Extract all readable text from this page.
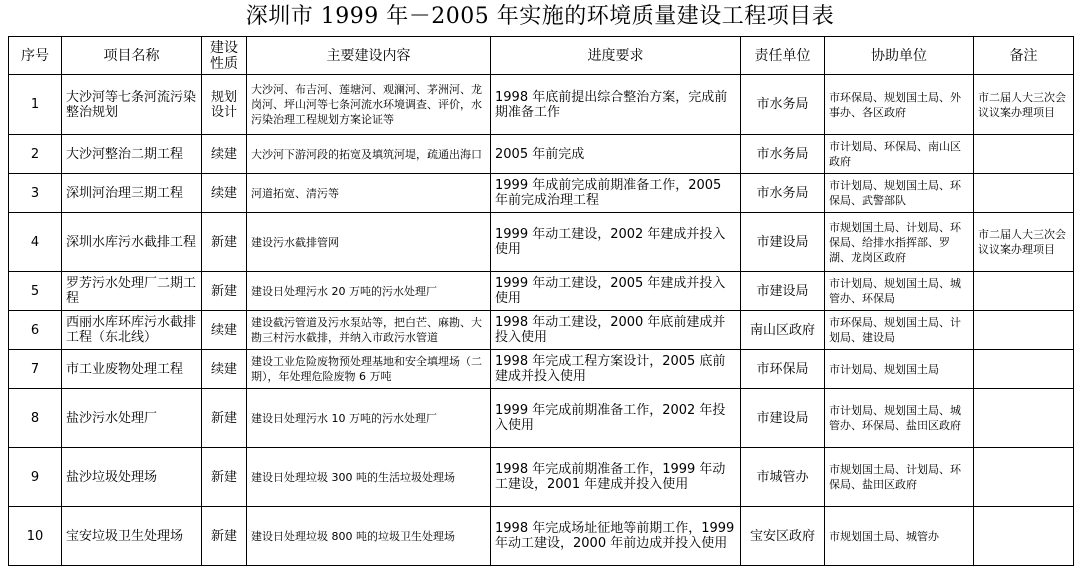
深圳市 1999 年－2005 年实施的环境质量建设工程项目表
序号	项目名称	建设性质	主要建设内容	进度要求	责任单位	协助单位	备注
1	大沙河等七条河流污染整治规划	规划设计	大沙河、布吉河、莲塘河、观澜河、茅洲河、龙岗河、坪山河等七条河流水环境调查、评价，水污染治理工程规划方案论证等	1998 年底前提出综合整治方案，完成前期准备工作	市水务局	市环保局、规划国土局、外事办、各区政府	市二届人大三次会议议案办理项目
2	大沙河整治二期工程	续建	大沙河下游河段的拓宽及填筑河堤，疏通出海口	2005 年前完成	市水务局	市计划局、环保局、南山区政府	
3	深圳河治理三期工程	续建	河道拓宽、清污等	1999 年成前完成前期准备工作，2005 年前完成治理工程	市水务局	市计划局、规划国土局、环保局、武警部队	
4	深圳水库污水截排工程	新建	建设污水截排管网	1999 年动工建设，2002 年建成并投入使用	市建设局	市规划国土局、计划局、环保局、给排水指挥部、罗湖、龙岗区政府	市二届人大三次会议议案办理项目
5	罗芳污水处理厂二期工程	新建	建设日处理污水 20 万吨的污水处理厂	1999 年动工建设，2005 年建成并投入使用	市建设局	市计划局、规划国土局、城管办、环保局	
6	西丽水库环库污水截排工程（东北线）	续建	建设截污管道及污水泵站等，把白芒、麻勘、大勘三村污水截排，并纳入市政污水管道	1998 年动工建设，2000 年底前建成并投入使用	南山区政府	市环保局、规划国土局、计划局、建设局	
7	市工业废物处理工程	续建	建设工业危险废物预处理基地和安全填埋场（二期），年处理危险废物 6 万吨	1998 年完成工程方案设计，2005 底前建成并投入使用	市环保局	市计划局、规划国土局	
8	盐沙污水处理厂	新建	建设日处理污水 10 万吨的污水处理厂	1999 年完成前期准备工作，2002 年投入使用	市建设局	市计划局、规划国土局、城管办、环保局、盐田区政府	
9	盐沙垃圾处理场	新建	建设日处理垃圾 300 吨的生活垃圾处理场	1998 年完成前期准备工作，1999 年动工建设，2001 年建成并投入使用	市城管办	市规划国土局、计划局、环保局、盐田区政府	
10	宝安垃圾卫生处理场	新建	建设日处理垃圾 800 吨的垃圾卫生处理场	1998 年完成场址征地等前期工作，1999 年动工建设，2000 年前边成并投入使用	宝安区政府	市规划国土局、城管办	
